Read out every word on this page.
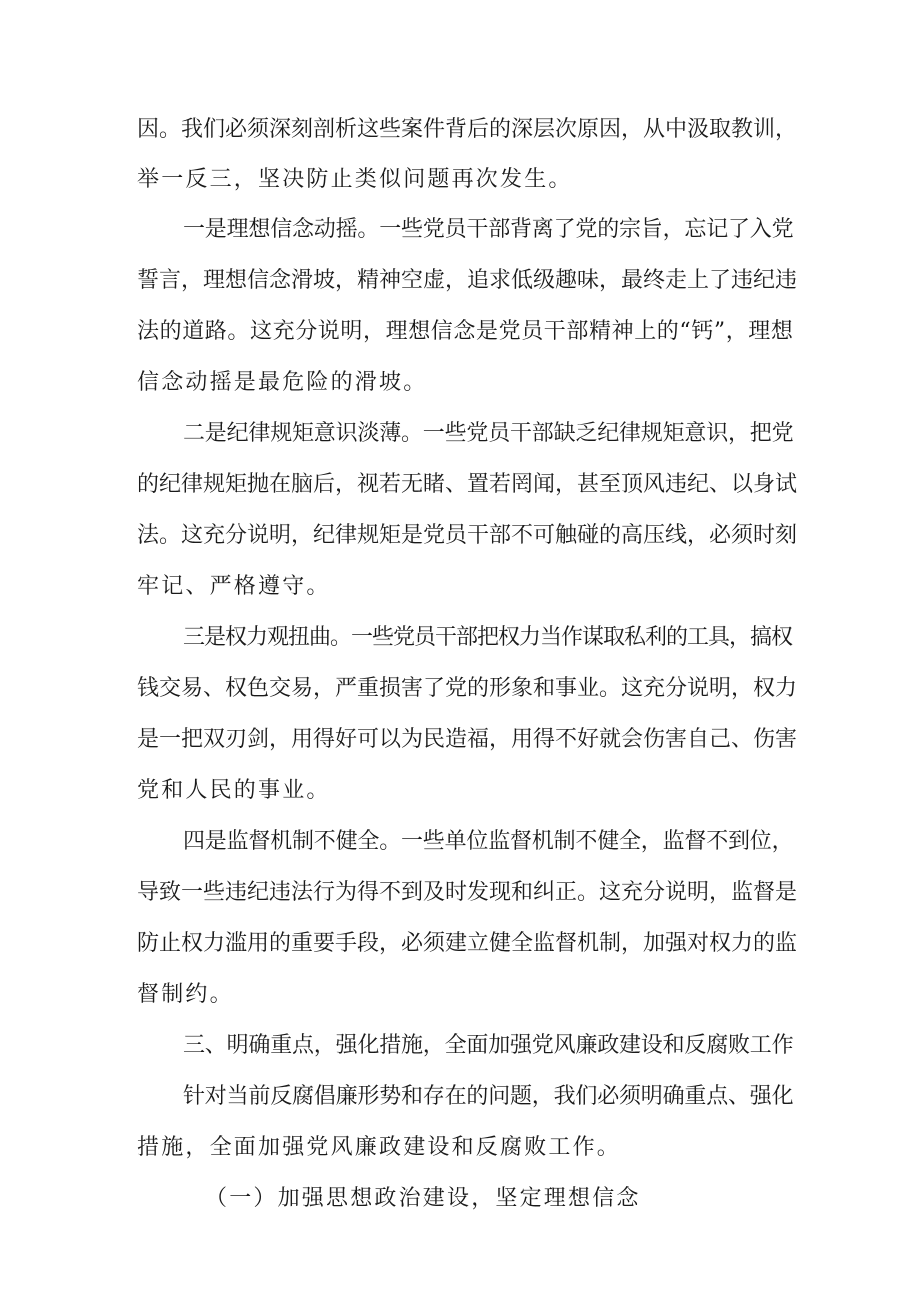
因。我们必须深刻剖析这些案件背后的深层次原因，从中汲取教训，
举一反三，坚决防止类似问题再次发生。
一是理想信念动摇。一些党员干部背离了党的宗旨，忘记了入党
誓言，理想信念滑坡，精神空虚，追求低级趣味，最终走上了违纪违
法的道路。这充分说明，理想信念是党员干部精神上的“钙”，理想
信念动摇是最危险的滑坡。
二是纪律规矩意识淡薄。一些党员干部缺乏纪律规矩意识，把党
的纪律规矩抛在脑后，视若无睹、置若罔闻，甚至顶风违纪、以身试
法。这充分说明，纪律规矩是党员干部不可触碰的高压线，必须时刻
牢记、严格遵守。
三是权力观扭曲。一些党员干部把权力当作谋取私利的工具，搞权
钱交易、权色交易，严重损害了党的形象和事业。这充分说明，权力
是一把双刃剑，用得好可以为民造福，用得不好就会伤害自己、伤害
党和人民的事业。
四是监督机制不健全。一些单位监督机制不健全，监督不到位，
导致一些违纪违法行为得不到及时发现和纠正。这充分说明，监督是
防止权力滥用的重要手段，必须建立健全监督机制，加强对权力的监
督制约。
三、明确重点，强化措施，全面加强党风廉政建设和反腐败工作
针对当前反腐倡廉形势和存在的问题，我们必须明确重点、强化
措施，全面加强党风廉政建设和反腐败工作。
（一）加强思想政治建设，坚定理想信念
